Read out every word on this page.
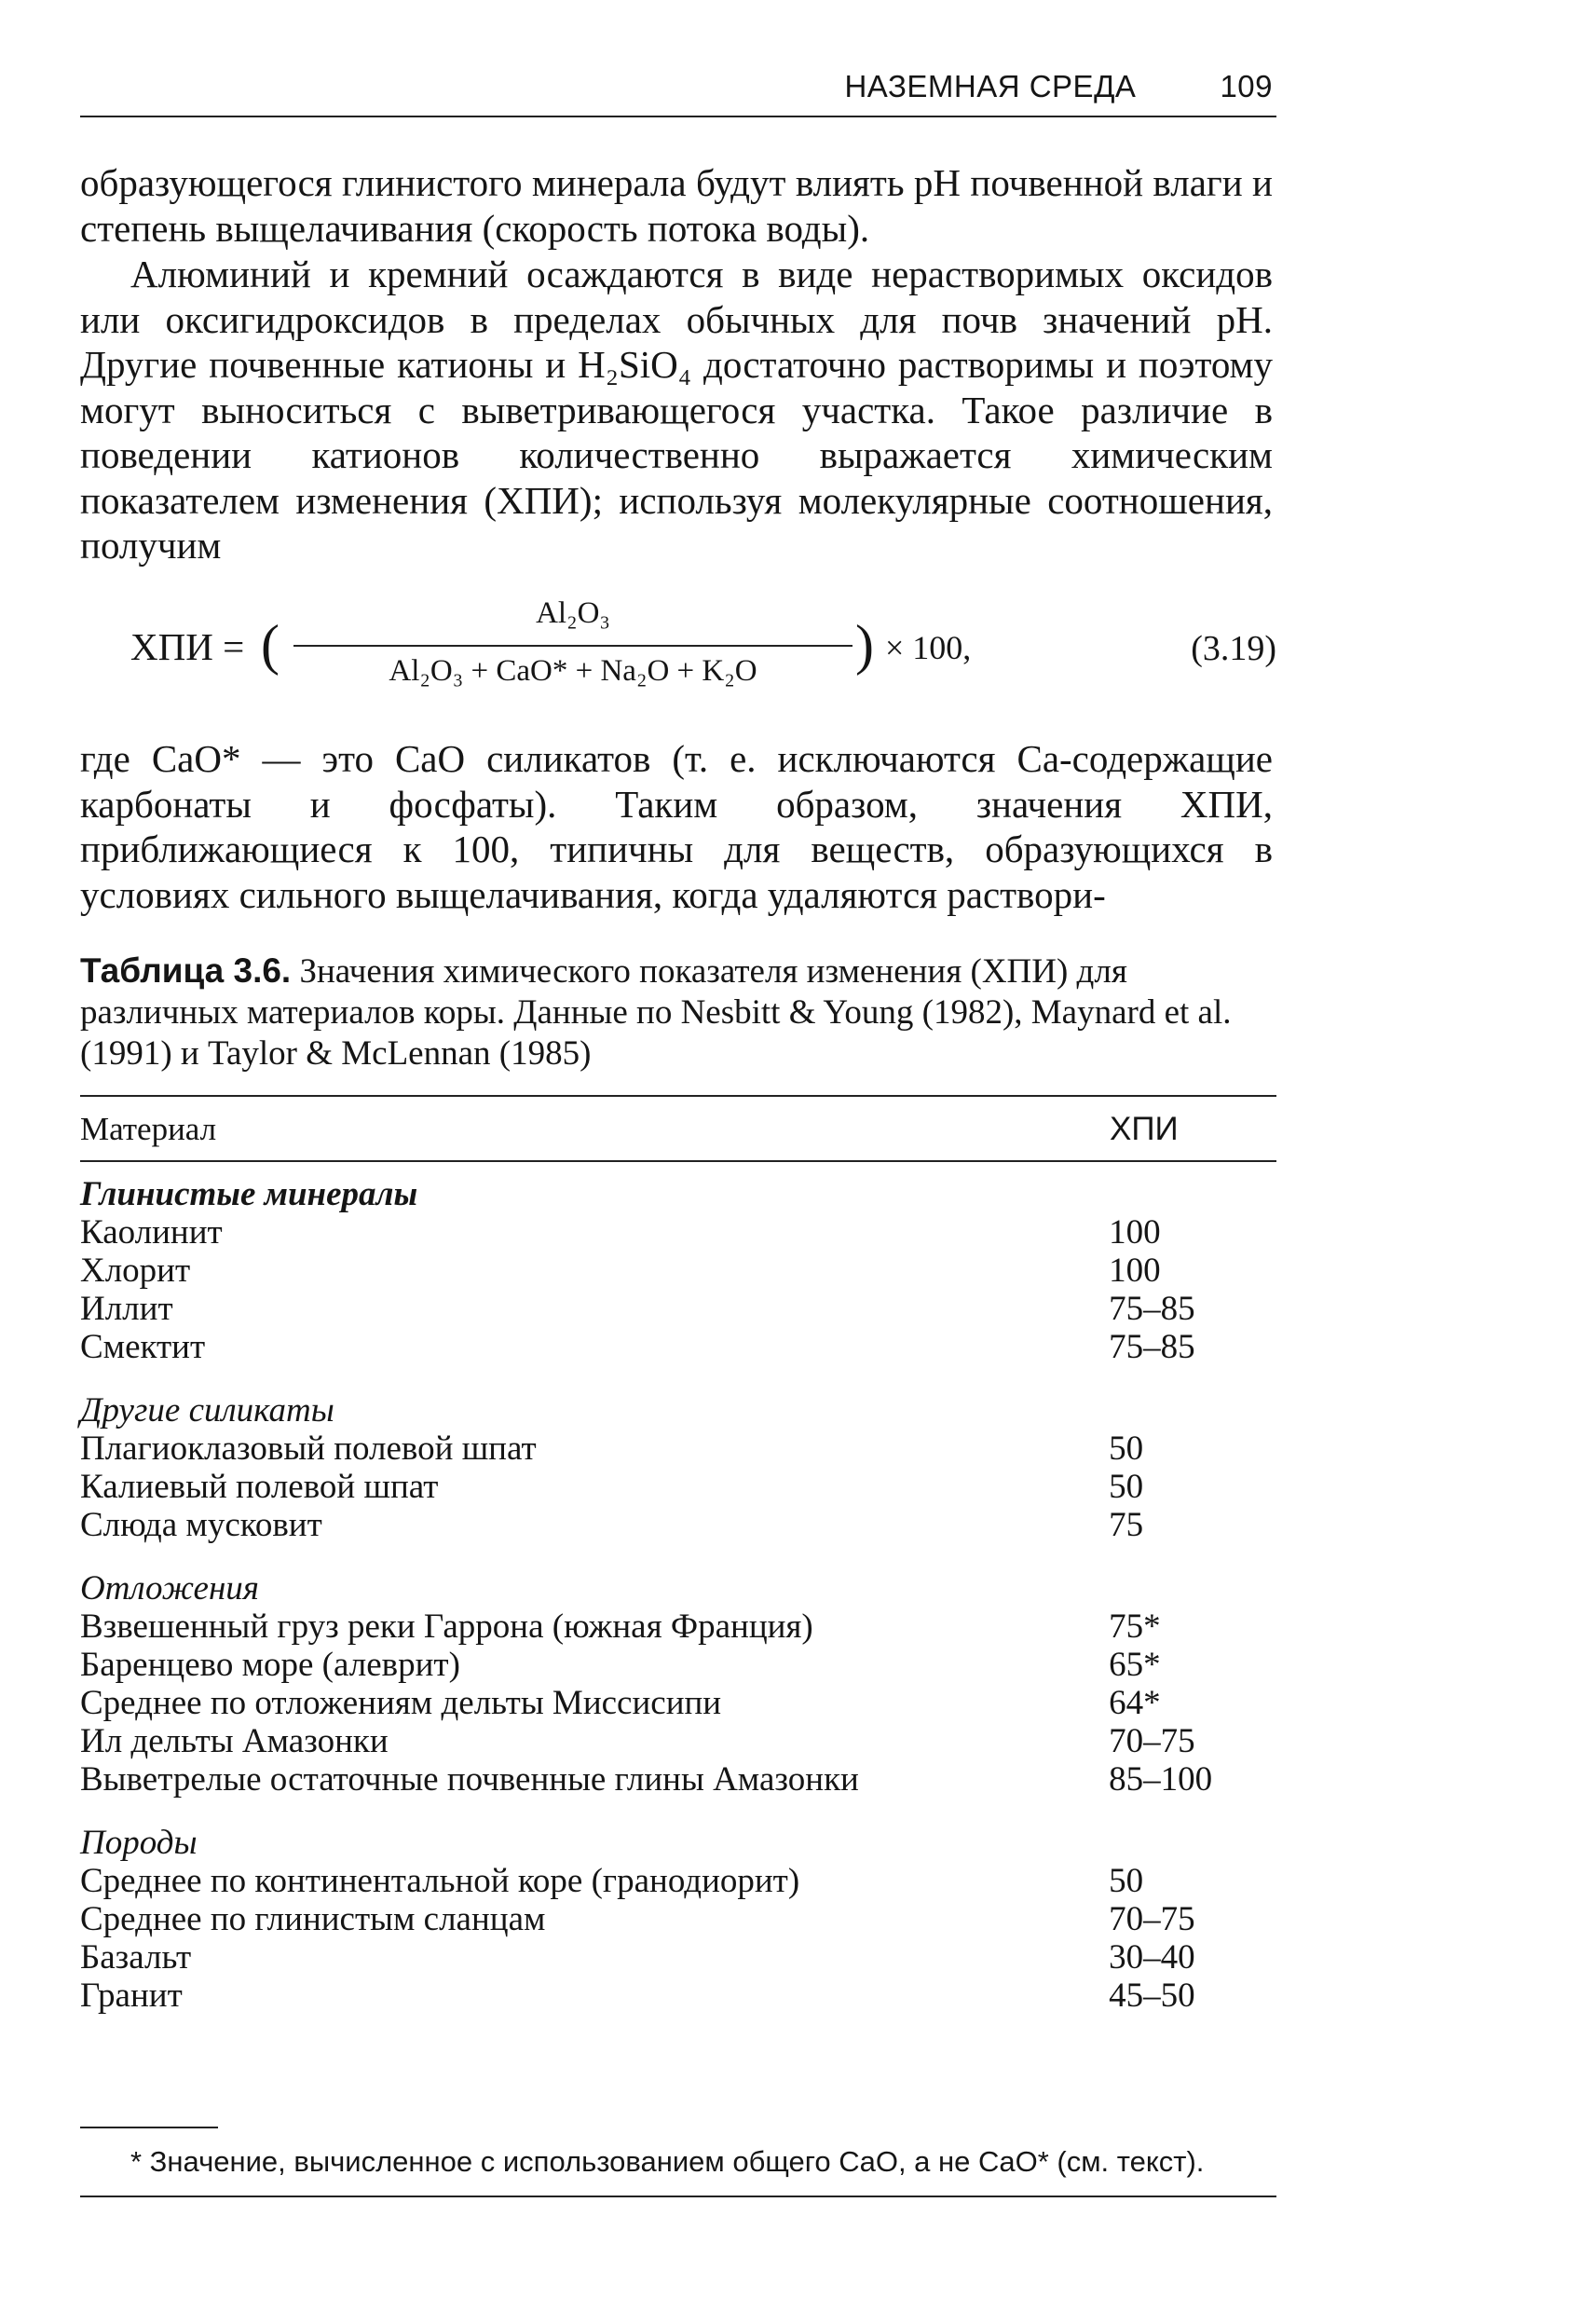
НАЗЕМНАЯ СРЕДА	109

образующегося глинистого минерала будут влиять pH почвенной влаги и степень выщелачивания (скорость потока воды).

Алюминий и кремний осаждаются в виде нерастворимых оксидов или оксигидроксидов в пределах обычных для почв значений pH. Другие почвенные катионы и H₂SiO₄ достаточно растворимы и поэтому могут выноситься с выветривающегося участка. Такое различие в поведении катионов количественно выражается химическим показателем изменения (ХПИ); используя молекулярные соотношения, получим

ХПИ = (
Al₂O₃
Al₂O₃ + CaO* + Na₂O + K₂O	) × 100,	(3.19)

где CaO* — это CaO силикатов (т. е. исключаются Ca-содержащие карбонаты и фосфаты). Таким образом, значения ХПИ, приближающиеся к 100, типичны для веществ, образующихся в условиях сильного выщелачивания, когда удаляются раствори-

Таблица 3.6. Значения химического показателя изменения (ХПИ) для различных материалов коры. Данные по Nesbitt & Young (1982), Maynard et al. (1991) и Taylor & McLennan (1985)

Материал	ХПИ
Глинистые минералы
Каолинит	100
Хлорит	100
Иллит	75–85
Смектит	75–85
Другие силикаты
Плагиоклазовый полевой шпат	50
Калиевый полевой шпат	50
Слюда мусковит	75
Отложения
Взвешенный груз реки Гаррона (южная Франция)	75*
Баренцево море (алеврит)	65*
Среднее по отложениям дельты Миссисипи	64*
Ил дельты Амазонки	70–75
Выветрелые остаточные почвенные глины Амазонки	85–100
Породы
Среднее по континентальной коре (гранодиорит)	50
Среднее по глинистым сланцам	70–75
Базальт	30–40
Гранит	45–50
* Значение, вычисленное с использованием общего CaO, а не CaO* (см. текст).
